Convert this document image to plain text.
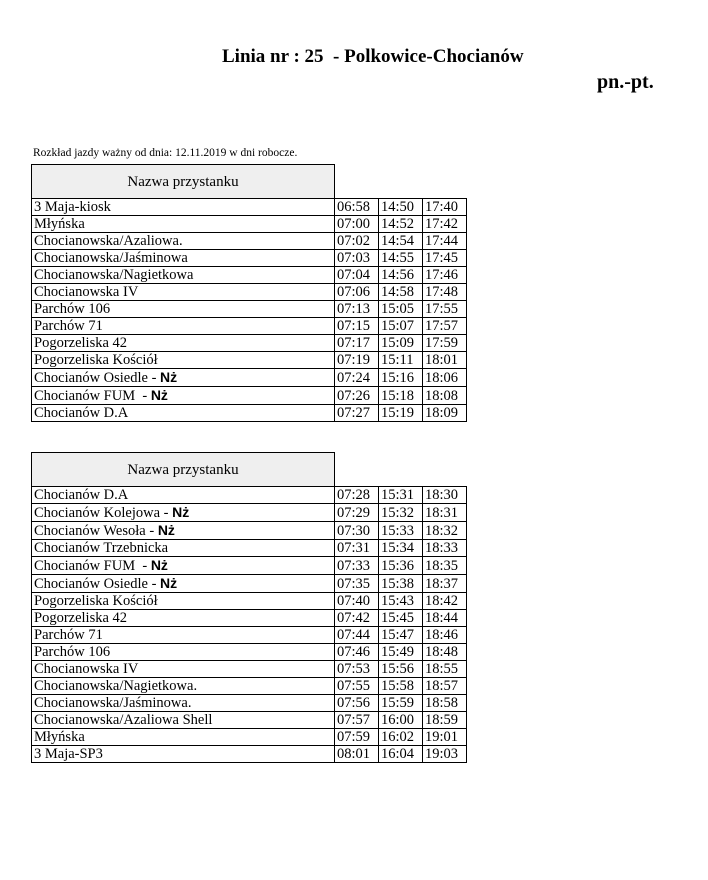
Linia nr : 25  - Polkowice-Chocianów
pn.-pt.
Rozkład jazdy ważny od dnia: 12.11.2019 w dni robocze.
Nazwa przystanku			
3 Maja-kiosk	06:58	14:50	17:40
Młyńska	07:00	14:52	17:42
Chocianowska/Azaliowa.	07:02	14:54	17:44
Chocianowska/Jaśminowa	07:03	14:55	17:45
Chocianowska/Nagietkowa	07:04	14:56	17:46
Chocianowska IV	07:06	14:58	17:48
Parchów 106	07:13	15:05	17:55
Parchów 71	07:15	15:07	17:57
Pogorzeliska 42	07:17	15:09	17:59
Pogorzeliska Kościół	07:19	15:11	18:01
Chocianów Osiedle - Nż	07:24	15:16	18:06
Chocianów FUM  - Nż	07:26	15:18	18:08
Chocianów D.A	07:27	15:19	18:09
Nazwa przystanku			
Chocianów D.A	07:28	15:31	18:30
Chocianów Kolejowa - Nż	07:29	15:32	18:31
Chocianów Wesoła - Nż	07:30	15:33	18:32
Chocianów Trzebnicka	07:31	15:34	18:33
Chocianów FUM  - Nż	07:33	15:36	18:35
Chocianów Osiedle - Nż	07:35	15:38	18:37
Pogorzeliska Kościół	07:40	15:43	18:42
Pogorzeliska 42	07:42	15:45	18:44
Parchów 71	07:44	15:47	18:46
Parchów 106	07:46	15:49	18:48
Chocianowska IV	07:53	15:56	18:55
Chocianowska/Nagietkowa.	07:55	15:58	18:57
Chocianowska/Jaśminowa.	07:56	15:59	18:58
Chocianowska/Azaliowa Shell	07:57	16:00	18:59
Młyńska	07:59	16:02	19:01
3 Maja-SP3	08:01	16:04	19:03
